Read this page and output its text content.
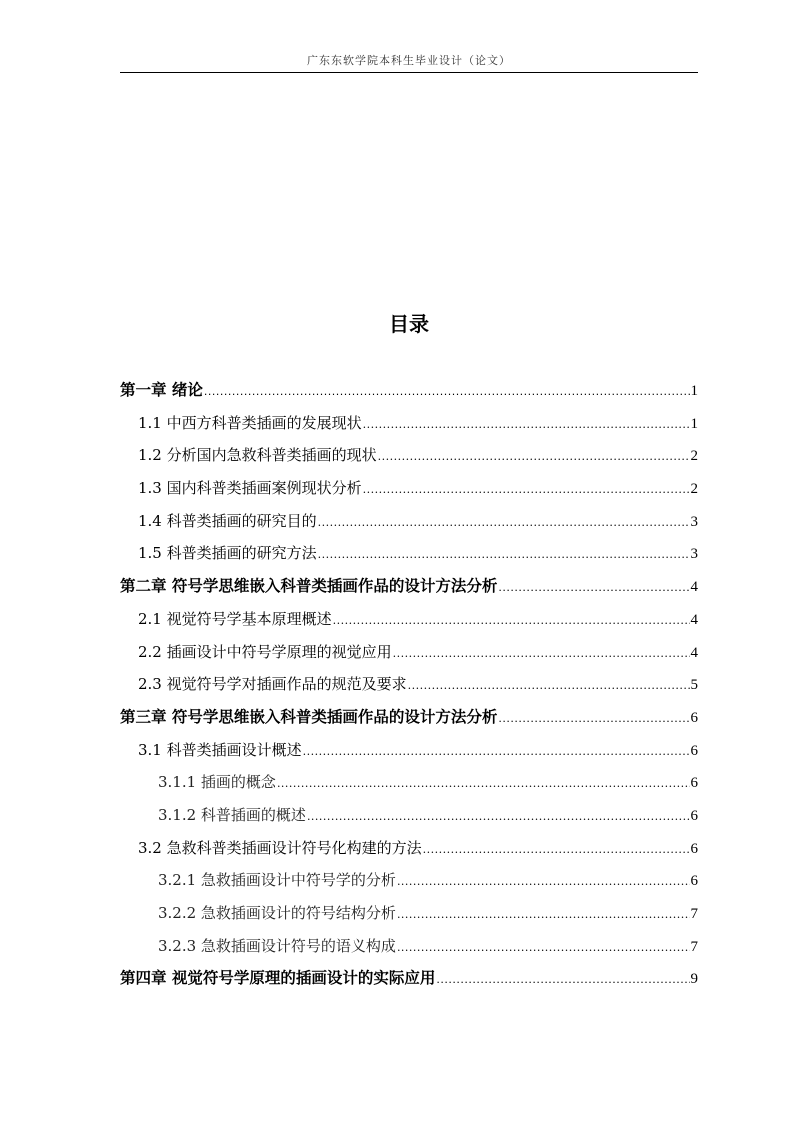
广东东软学院本科生毕业设计（论文）
目录
第一章 绪论 .....	1
1.1 中西方科普类插画的发展现状 .....	1
1.2 分析国内急救科普类插画的现状 .....	2
1.3 国内科普类插画案例现状分析 .....	2
1.4 科普类插画的研究目的 .....	3
1.5 科普类插画的研究方法 .....	3
第二章 符号学思维嵌入科普类插画作品的设计方法分析 .....	4
2.1 视觉符号学基本原理概述 .....	4
2.2 插画设计中符号学原理的视觉应用 .....	4
2.3 视觉符号学对插画作品的规范及要求 .....	5
第三章 符号学思维嵌入科普类插画作品的设计方法分析 .....	6
3.1 科普类插画设计概述 .....	6
3.1.1 插画的概念 .....	6
3.1.2 科普插画的概述 .....	6
3.2 急救科普类插画设计符号化构建的方法 .....	6
3.2.1 急救插画设计中符号学的分析 .....	6
3.2.2 急救插画设计的符号结构分析 .....	7
3.2.3 急救插画设计符号的语义构成 .....	7
第四章 视觉符号学原理的插画设计的实际应用 .....	9
